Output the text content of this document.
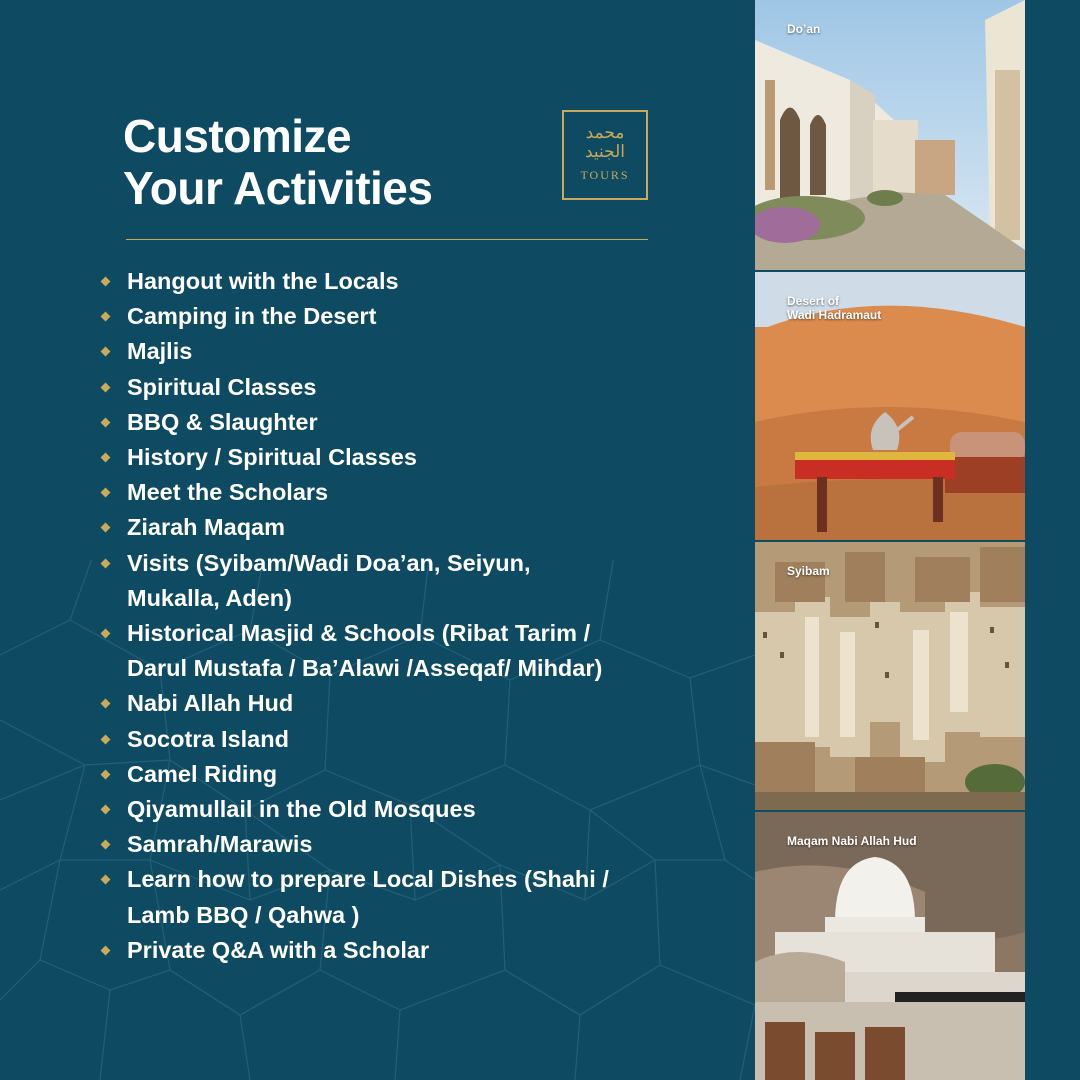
Customize
Your Activities
محمد
الجنيد
TOURS
Hangout with the Locals
Camping in the Desert
Majlis
Spiritual Classes
BBQ & Slaughter
History / Spiritual Classes
Meet the Scholars
Ziarah Maqam
Visits (Syibam/Wadi Doa’an, Seiyun,
Mukalla, Aden)
Historical Masjid & Schools (Ribat Tarim /
Darul Mustafa / Ba’Alawi /Asseqaf/ Mihdar)
Nabi Allah Hud
Socotra Island
Camel Riding
Qiyamullail in the Old Mosques
Samrah/Marawis
Learn how to prepare Local Dishes (Shahi /
Lamb BBQ / Qahwa )
Private Q&A with a Scholar
Do’an
Desert of
Wadi Hadramaut
Syibam
Maqam Nabi Allah Hud
